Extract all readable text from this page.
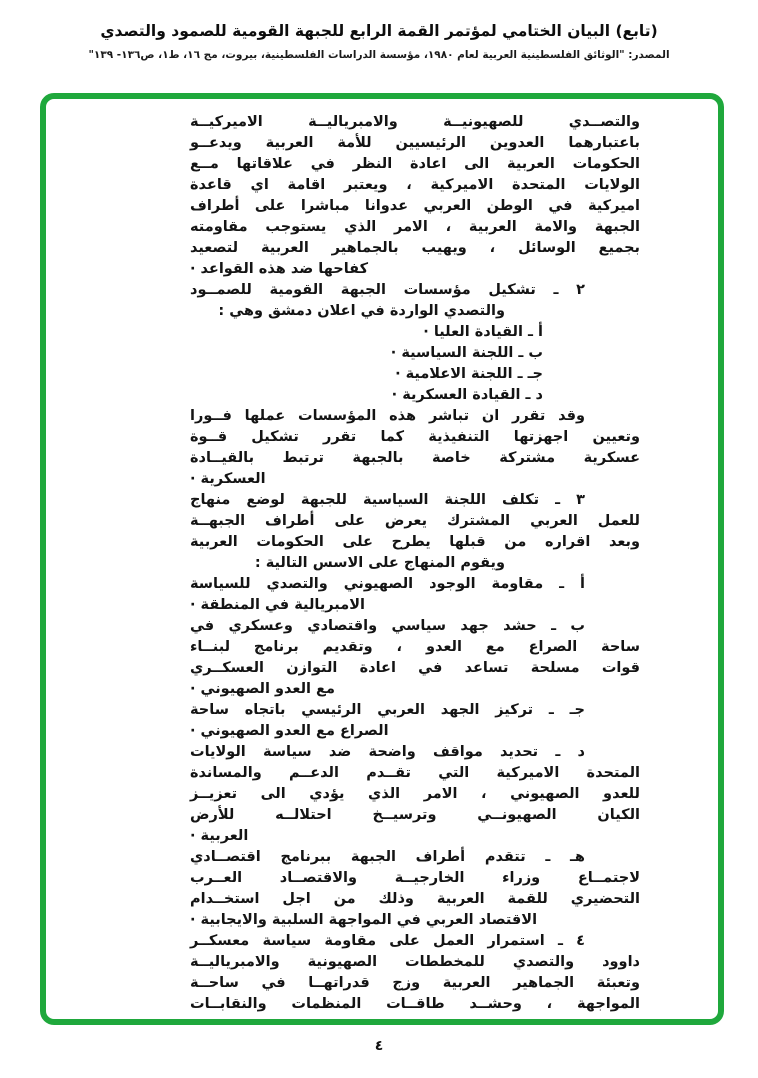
(تابع) البيان الختامي لمؤتمر القمة الرابع للجبهة القومية للصمود والتصدي
المصدر: "الوثائق الفلسطينية العربية لعام ١٩٨٠، مؤسسة الدراسات الفلسطينية، بيروت، مج ١٦، ط١، ص١٣٦- ١٣٩"
والتصــدي للصهيونيــة والامبرياليــة الاميركيــة
باعتبارهما العدوين الرئيسيين للأمة العربية ويدعــو
الحكومات العربية الى اعادة النظر في علاقاتها مــع
الولايات المتحدة الاميركية ، ويعتبر اقامة اي قاعدة
اميركية في الوطن العربي عدوانا مباشرا على أطراف
الجبهة والامة العربية ، الامر الذي يستوجب مقاومته
بجميع الوسائل ، ويهيب بالجماهير العربية لتصعيد
كفاحها ضد هذه القواعد ·
٢ ـ تشكيل مؤسسات الجبهة القومية للصمــود
والتصدي الواردة في اعلان دمشق وهي :
أ ـ القيادة العليا ·
ب ـ اللجنة السياسية ·
جـ ـ اللجنة الاعلامية ·
د ـ القيادة العسكرية ·
وقد تقرر ان تباشر هذه المؤسسات عملها فــورا
وتعيين اجهزتها التنفيذية كما تقرر تشكيل قــوة
عسكرية مشتركة خاصة بالجبهة ترتبط بالقيــادة
العسكرية ·
٣ ـ تكلف اللجنة السياسية للجبهة لوضع منهاج
للعمل العربي المشترك يعرض على أطراف الجبهــة
وبعد اقراره من قبلها يطرح على الحكومات العربية
ويقوم المنهاج على الاسس التالية :
أ ـ مقاومة الوجود الصهيوني والتصدي للسياسة
الامبريالية في المنطقة ·
ب ـ حشد جهد سياسي واقتصادي وعسكري في
ساحة الصراع مع العدو ، وتقديم برنامج لبنــاء
قوات مسلحة تساعد في اعادة التوازن العسكــري
مع العدو الصهيوني ·
جـ ـ تركيز الجهد العربي الرئيسي باتجاه ساحة
الصراع مع العدو الصهيوني ·
د ـ تحديد مواقف واضحة ضد سياسة الولايات
المتحدة الاميركية التي تقــدم الدعــم والمساندة
للعدو الصهيوني ، الامر الذي يؤدي الى تعزيــز
الكيان الصهيونــي وترسيــخ احتلالــه للأرض
العربية ·
هـ ـ تتقدم أطراف الجبهة ببرنامج اقتصــادي
لاجتمــاع وزراء الخارجيــة والاقتصــاد العــرب
التحضيري للقمة العربية وذلك من اجل استخــدام
الاقتصاد العربي في المواجهة السلبية والايجابية ·
٤ ـ استمرار العمل على مقاومة سياسة معسكــر
داوود والتصدي للمخططات الصهيونية والامبرياليــة
وتعبئة الجماهير العربية وزج قدراتهــا في ساحــة
المواجهة ، وحشــد طاقــات المنظمات والنقابــات
٤
